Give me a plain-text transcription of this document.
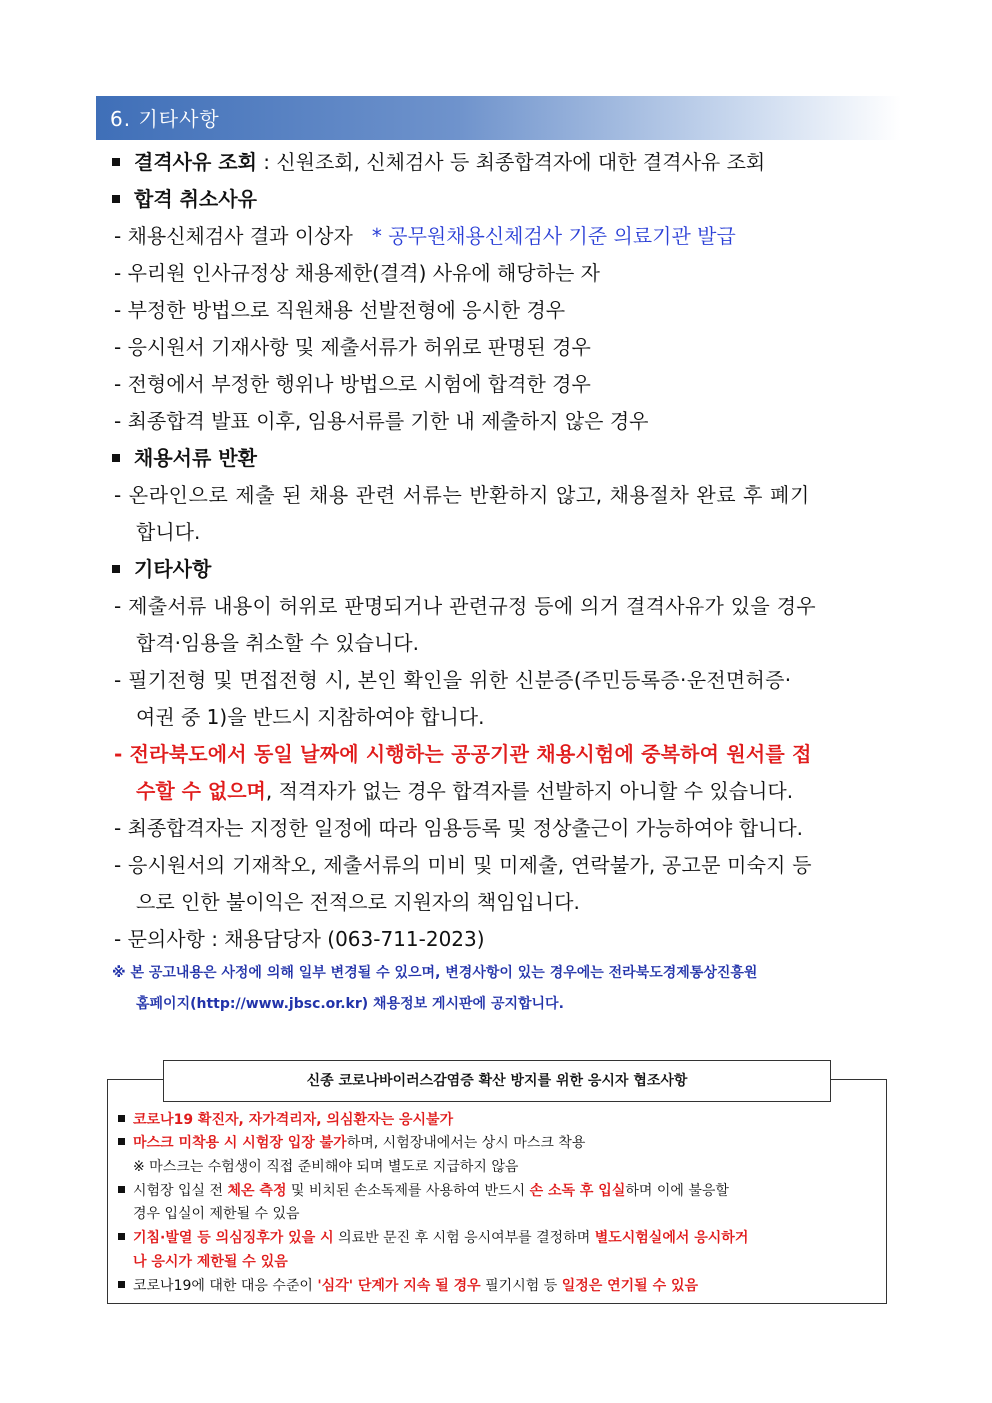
6. 기타사항
결격사유 조회 : 신원조회, 신체검사 등 최종합격자에 대한 결격사유 조회
합격 취소사유
- 채용신체검사 결과 이상자 * 공무원채용신체검사 기준 의료기관 발급
- 우리원 인사규정상 채용제한(결격) 사유에 해당하는 자
- 부정한 방법으로 직원채용 선발전형에 응시한 경우
- 응시원서 기재사항 및 제출서류가 허위로 판명된 경우
- 전형에서 부정한 행위나 방법으로 시험에 합격한 경우
- 최종합격 발표 이후, 임용서류를 기한 내 제출하지 않은 경우
채용서류 반환
- 온라인으로 제출 된 채용 관련 서류는 반환하지 않고, 채용절차 완료 후 폐기
합니다.
기타사항
- 제출서류 내용이 허위로 판명되거나 관련규정 등에 의거 결격사유가 있을 경우
합격·임용을 취소할 수 있습니다.
- 필기전형 및 면접전형 시, 본인 확인을 위한 신분증(주민등록증·운전면허증·
여권 중 1)을 반드시 지참하여야 합니다.
- 전라북도에서 동일 날짜에 시행하는 공공기관 채용시험에 중복하여 원서를 접
수할 수 없으며, 적격자가 없는 경우 합격자를 선발하지 아니할 수 있습니다.
- 최종합격자는 지정한 일정에 따라 임용등록 및 정상출근이 가능하여야 합니다.
- 응시원서의 기재착오, 제출서류의 미비 및 미제출, 연락불가, 공고문 미숙지 등
으로 인한 불이익은 전적으로 지원자의 책임입니다.
- 문의사항 : 채용담당자 (063-711-2023)
※ 본 공고내용은 사정에 의해 일부 변경될 수 있으며, 변경사항이 있는 경우에는 전라북도경제통상진흥원
홈페이지(http://www.jbsc.or.kr) 채용정보 게시판에 공지합니다.
신종 코로나바이러스감염증 확산 방지를 위한 응시자 협조사항
코로나19 확진자, 자가격리자, 의심환자는 응시불가
마스크 미착용 시 시험장 입장 불가하며, 시험장내에서는 상시 마스크 착용
※ 마스크는 수험생이 직접 준비해야 되며 별도로 지급하지 않음
시험장 입실 전 체온 측정 및 비치된 손소독제를 사용하여 반드시 손 소독 후 입실하며 이에 불응할
경우 입실이 제한될 수 있음
기침·발열 등 의심징후가 있을 시 의료반 문진 후 시험 응시여부를 결정하며 별도시험실에서 응시하거
나 응시가 제한될 수 있음
코로나19에 대한 대응 수준이 '심각' 단계가 지속 될 경우 필기시험 등 일정은 연기될 수 있음
